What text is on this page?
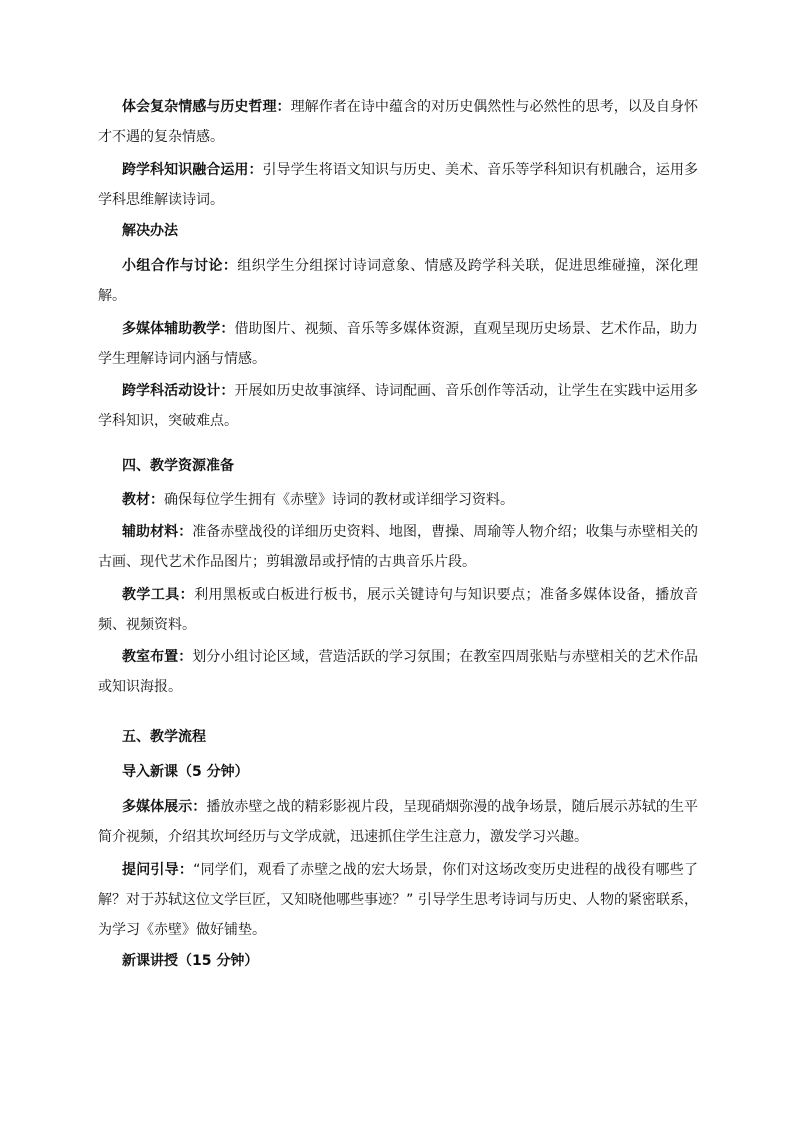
体会复杂情感与历史哲理：理解作者在诗中蕴含的对历史偶然性与必然性的思考，以及自身怀才不遇的复杂情感。

跨学科知识融合运用：引导学生将语文知识与历史、美术、音乐等学科知识有机融合，运用多学科思维解读诗词。

解决办法

小组合作与讨论：组织学生分组探讨诗词意象、情感及跨学科关联，促进思维碰撞，深化理解。

多媒体辅助教学：借助图片、视频、音乐等多媒体资源，直观呈现历史场景、艺术作品，助力学生理解诗词内涵与情感。

跨学科活动设计：开展如历史故事演绎、诗词配画、音乐创作等活动，让学生在实践中运用多学科知识，突破难点。

四、教学资源准备

教材：确保每位学生拥有《赤壁》诗词的教材或详细学习资料。

辅助材料：准备赤壁战役的详细历史资料、地图，曹操、周瑜等人物介绍；收集与赤壁相关的古画、现代艺术作品图片；剪辑激昂或抒情的古典音乐片段。

教学工具：利用黑板或白板进行板书，展示关键诗句与知识要点；准备多媒体设备，播放音频、视频资料。

教室布置：划分小组讨论区域，营造活跃的学习氛围；在教室四周张贴与赤壁相关的艺术作品或知识海报。

五、教学流程

导入新课（5 分钟）

多媒体展示：播放赤壁之战的精彩影视片段，呈现硝烟弥漫的战争场景，随后展示苏轼的生平简介视频，介绍其坎坷经历与文学成就，迅速抓住学生注意力，激发学习兴趣。

提问引导：“同学们，观看了赤壁之战的宏大场景，你们对这场改变历史进程的战役有哪些了解？对于苏轼这位文学巨匠，又知晓他哪些事迹？” 引导学生思考诗词与历史、人物的紧密联系，为学习《赤壁》做好铺垫。

新课讲授（15 分钟）
